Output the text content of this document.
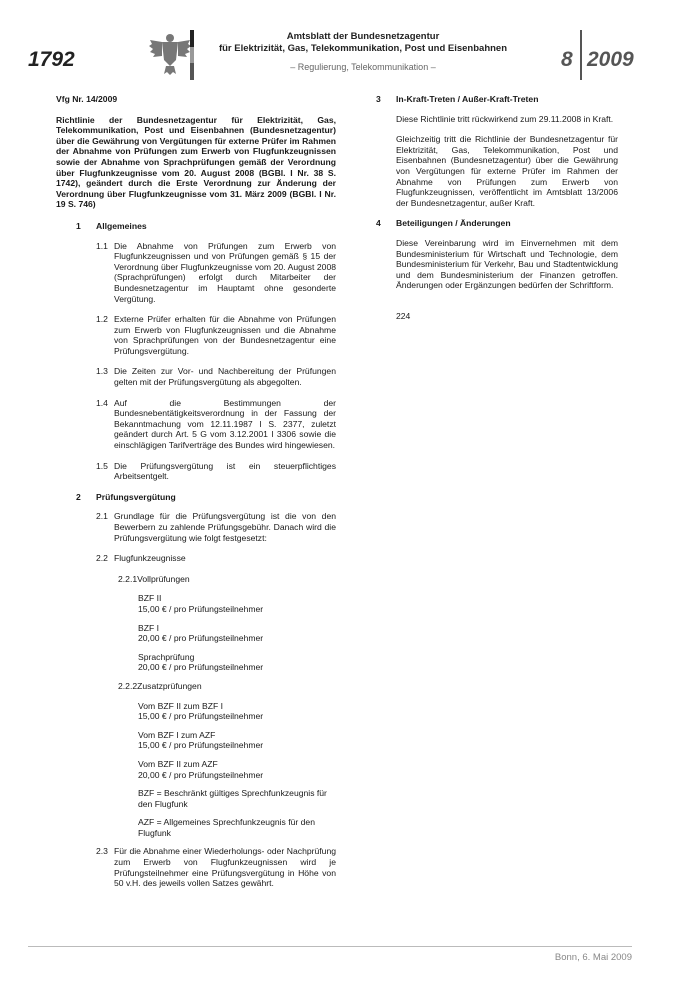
1792
Amtsblatt der Bundesnetzagentur
für Elektrizität, Gas, Telekommunikation, Post und Eisenbahnen
– Regulierung, Telekommunikation –	8 2009

Vfg Nr. 14/2009

Richtlinie der Bundesnetzagentur für Elektrizität, Gas, Telekommunikation, Post und Eisenbahnen (Bundesnetzagentur) über die Gewährung von Vergütungen für externe Prüfer im Rahmen der Abnahme von Prüfungen zum Erwerb von Flugfunkzeugnissen sowie der Abnahme von Sprachprüfungen gemäß der Verordnung über Flugfunkzeugnisse vom 20. August 2008 (BGBl. I Nr. 38 S. 1742), geändert durch die Erste Verordnung zur Änderung der Verordnung über Flugfunkzeugnisse vom 31. März 2009 (BGBl. I Nr. 19 S. 746)

1	Allgemeines
1.1 Die Abnahme von Prüfungen zum Erwerb von Flugfunkzeugnissen und von Prüfungen gemäß § 15 der Verordnung über Flugfunkzeugnisse vom 20. August 2008 (Sprachprüfungen) erfolgt durch Mitarbeiter der Bundesnetzagentur im Hauptamt ohne gesonderte Vergütung.
1.2 Externe Prüfer erhalten für die Abnahme von Prüfungen zum Erwerb von Flugfunkzeugnissen und die Abnahme von Sprachprüfungen von der Bundesnetzagentur eine Prüfungsvergütung.
1.3 Die Zeiten zur Vor- und Nachbereitung der Prüfungen gelten mit der Prüfungsvergütung als abgegolten.
1.4 Auf die Bestimmungen der Bundesnebentätigkeitsverordnung in der Fassung der Bekanntmachung vom 12.11.1987 I S. 2377, zuletzt geändert durch Art. 5 G vom 3.12.2001 I 3306 sowie die einschlägigen Tarifverträge des Bundes wird hingewiesen.
1.5 Die Prüfungsvergütung ist ein steuerpflichtiges Arbeitsentgelt.
2	Prüfungsvergütung
2.1 Grundlage für die Prüfungsvergütung ist die von den Bewerbern zu zahlende Prüfungsgebühr. Danach wird die Prüfungsvergütung wie folgt festgesetzt:
2.2 Flugfunkzeugnisse
2.2.1Vollprüfungen
BZF II
15,00 € / pro Prüfungsteilnehmer
BZF I
20,00 € / pro Prüfungsteilnehmer
Sprachprüfung
20,00 € / pro Prüfungsteilnehmer
2.2.2Zusatzprüfungen
Vom BZF II zum BZF I
15,00 € / pro Prüfungsteilnehmer
Vom BZF I zum AZF
15,00 € / pro Prüfungsteilnehmer
Vom BZF II zum AZF
20,00 € / pro Prüfungsteilnehmer
BZF = Beschränkt gültiges Sprechfunkzeugnis für den Flugfunk
AZF = Allgemeines Sprechfunkzeugnis für den Flugfunk
2.3 Für die Abnahme einer Wiederholungs- oder Nachprüfung zum Erwerb von Flugfunkzeugnissen wird je Prüfungsteilnehmer eine Prüfungsvergütung in Höhe von 50 v.H. des jeweils vollen Satzes gewährt.
3	In-Kraft-Treten / Außer-Kraft-Treten

Diese Richtlinie tritt rückwirkend zum 29.11.2008 in Kraft.

Gleichzeitig tritt die Richtlinie der Bundesnetzagentur für Elektrizität, Gas, Telekommunikation, Post und Eisenbahnen (Bundesnetzagentur) über die Gewährung von Vergütungen für externe Prüfer im Rahmen der Abnahme von Prüfungen zum Erwerb von Flugfunkzeugnissen, veröffentlicht im Amtsblatt 13/2006 der Bundesnetzagentur, außer Kraft.

4	Beteiligungen / Änderungen

Diese Vereinbarung wird im Einvernehmen mit dem Bundesministerium für Wirtschaft und Technologie, dem Bundesministerium für Verkehr, Bau und Stadtentwicklung und dem Bundesministerium der Finanzen getroffen. Änderungen oder Ergänzungen bedürfen der Schriftform.

224

Bonn, 6. Mai 2009
